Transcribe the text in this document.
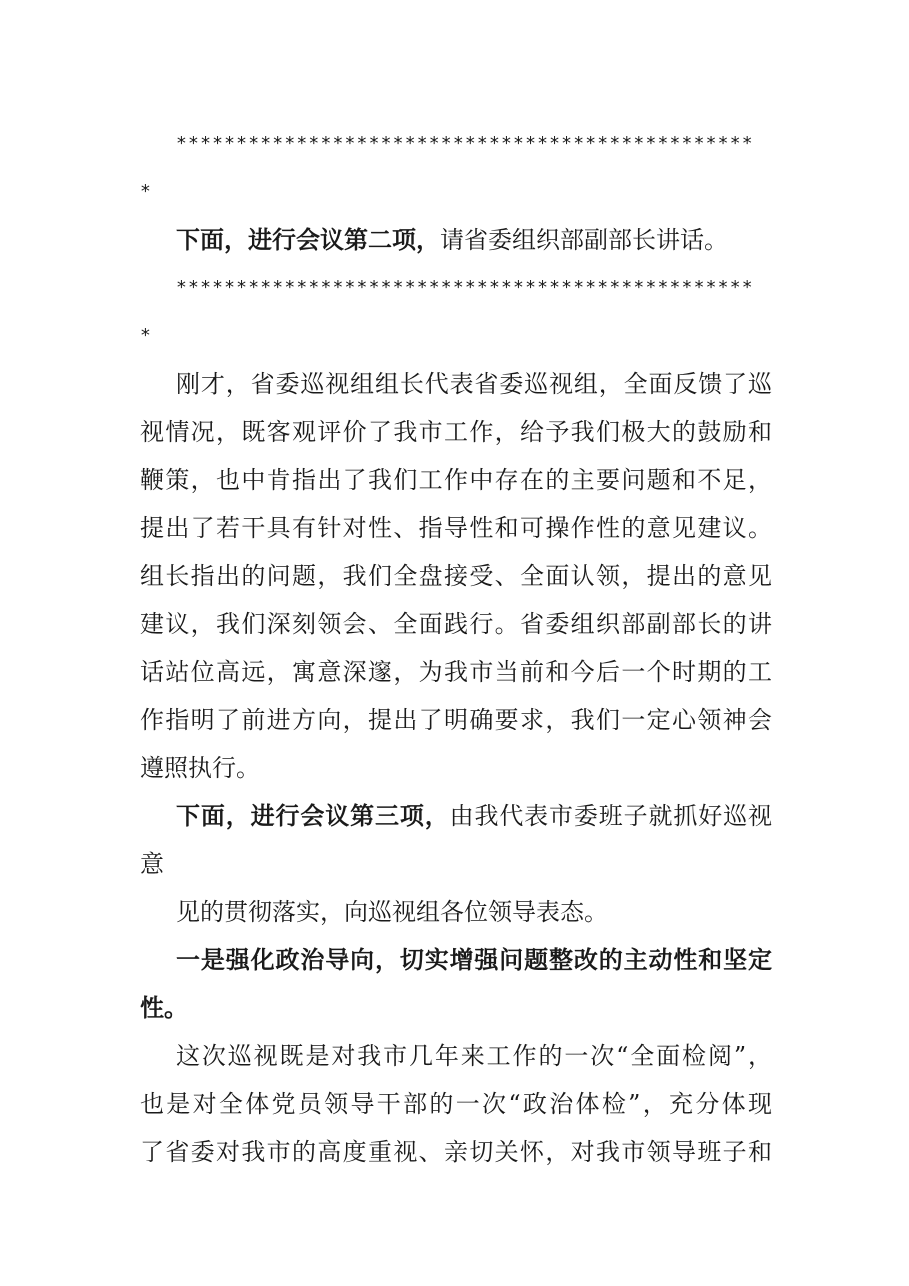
************************************************
*
下面，进行会议第二项，请省委组织部副部长讲话。
************************************************
*
刚才，省委巡视组组长代表省委巡视组，全面反馈了巡
视情况，既客观评价了我市工作，给予我们极大的鼓励和
鞭策，也中肯指出了我们工作中存在的主要问题和不足，
提出了若干具有针对性、指导性和可操作性的意见建议。
组长指出的问题，我们全盘接受、全面认领，提出的意见
建议，我们深刻领会、全面践行。省委组织部副部长的讲
话站位高远，寓意深邃，为我市当前和今后一个时期的工
作指明了前进方向，提出了明确要求，我们一定心领神会
遵照执行。
下面，进行会议第三项，由我代表市委班子就抓好巡视
意
见的贯彻落实，向巡视组各位领导表态。
一是强化政治导向，切实增强问题整改的主动性和坚定
性。
这次巡视既是对我市几年来工作的一次“全面检阅”，
也是对全体党员领导干部的一次“政治体检”，充分体现
了省委对我市的高度重视、亲切关怀，对我市领导班子和
